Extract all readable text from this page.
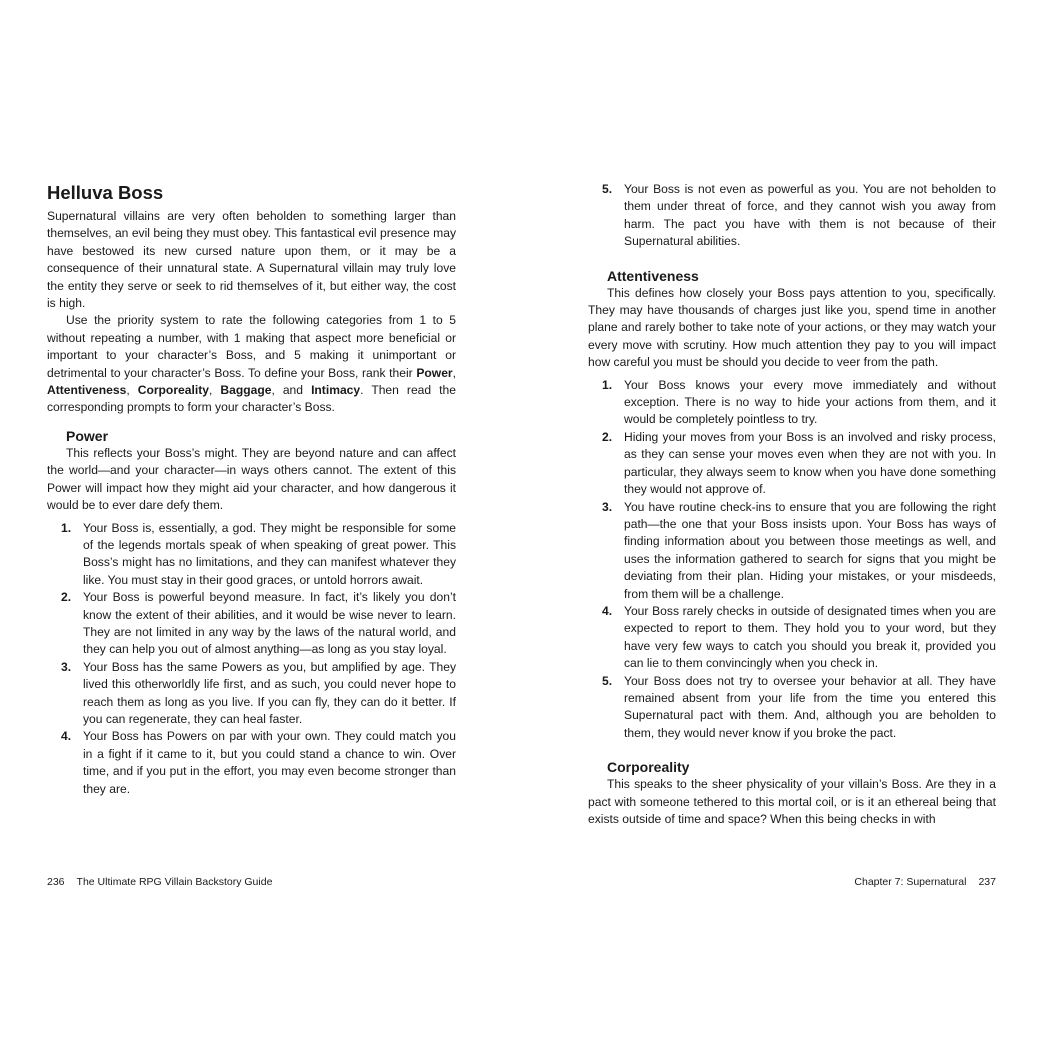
Helluva Boss

Supernatural villains are very often beholden to something larger than themselves, an evil being they must obey. This fantastical evil presence may have bestowed its new cursed nature upon them, or it may be a consequence of their unnatural state. A Supernatural villain may truly love the entity they serve or seek to rid themselves of it, but either way, the cost is high.

Use the priority system to rate the following categories from 1 to 5 without repeating a number, with 1 making that aspect more beneficial or important to your character’s Boss, and 5 making it unimportant or detrimental to your character’s Boss. To define your Boss, rank their Power, Attentiveness, Corporeality, Baggage, and Intimacy. Then read the corresponding prompts to form your character’s Boss.

Power

This reflects your Boss’s might. They are beyond nature and can affect the world—and your character—in ways others cannot. The extent of this Power will impact how they might aid your character, and how dangerous it would be to ever dare defy them.

1. Your Boss is, essentially, a god. They might be responsible for some of the legends mortals speak of when speaking of great power. This Boss’s might has no limitations, and they can manifest whatever they like. You must stay in their good graces, or untold horrors await.
2. Your Boss is powerful beyond measure. In fact, it’s likely you don’t know the extent of their abilities, and it would be wise never to learn. They are not limited in any way by the laws of the natural world, and they can help you out of almost anything—as long as you stay loyal.
3. Your Boss has the same Powers as you, but amplified by age. They lived this otherworldly life first, and as such, you could never hope to reach them as long as you live. If you can fly, they can do it better. If you can regenerate, they can heal faster.
4. Your Boss has Powers on par with your own. They could match you in a fight if it came to it, but you could stand a chance to win. Over time, and if you put in the effort, you may even become stronger than they are.
236 The Ultimate RPG Villain Backstory Guide
5. Your Boss is not even as powerful as you. You are not beholden to them under threat of force, and they cannot wish you away from harm. The pact you have with them is not because of their Supernatural abilities.
Attentiveness

This defines how closely your Boss pays attention to you, specifically. They may have thousands of charges just like you, spend time in another plane and rarely bother to take note of your actions, or they may watch your every move with scrutiny. How much attention they pay to you will impact how careful you must be should you decide to veer from the path.

1. Your Boss knows your every move immediately and without exception. There is no way to hide your actions from them, and it would be completely pointless to try.
2. Hiding your moves from your Boss is an involved and risky process, as they can sense your moves even when they are not with you. In particular, they always seem to know when you have done something they would not approve of.
3. You have routine check-ins to ensure that you are following the right path—the one that your Boss insists upon. Your Boss has ways of finding information about you between those meetings as well, and uses the information gathered to search for signs that you might be deviating from their plan. Hiding your mistakes, or your misdeeds, from them will be a challenge.
4. Your Boss rarely checks in outside of designated times when you are expected to report to them. They hold you to your word, but they have very few ways to catch you should you break it, provided you can lie to them convincingly when you check in.
5. Your Boss does not try to oversee your behavior at all. They have remained absent from your life from the time you entered this Supernatural pact with them. And, although you are beholden to them, they would never know if you broke the pact.
Corporeality

This speaks to the sheer physicality of your villain’s Boss. Are they in a pact with someone tethered to this mortal coil, or is it an ethereal being that exists outside of time and space? When this being checks in with

Chapter 7: Supernatural 237
